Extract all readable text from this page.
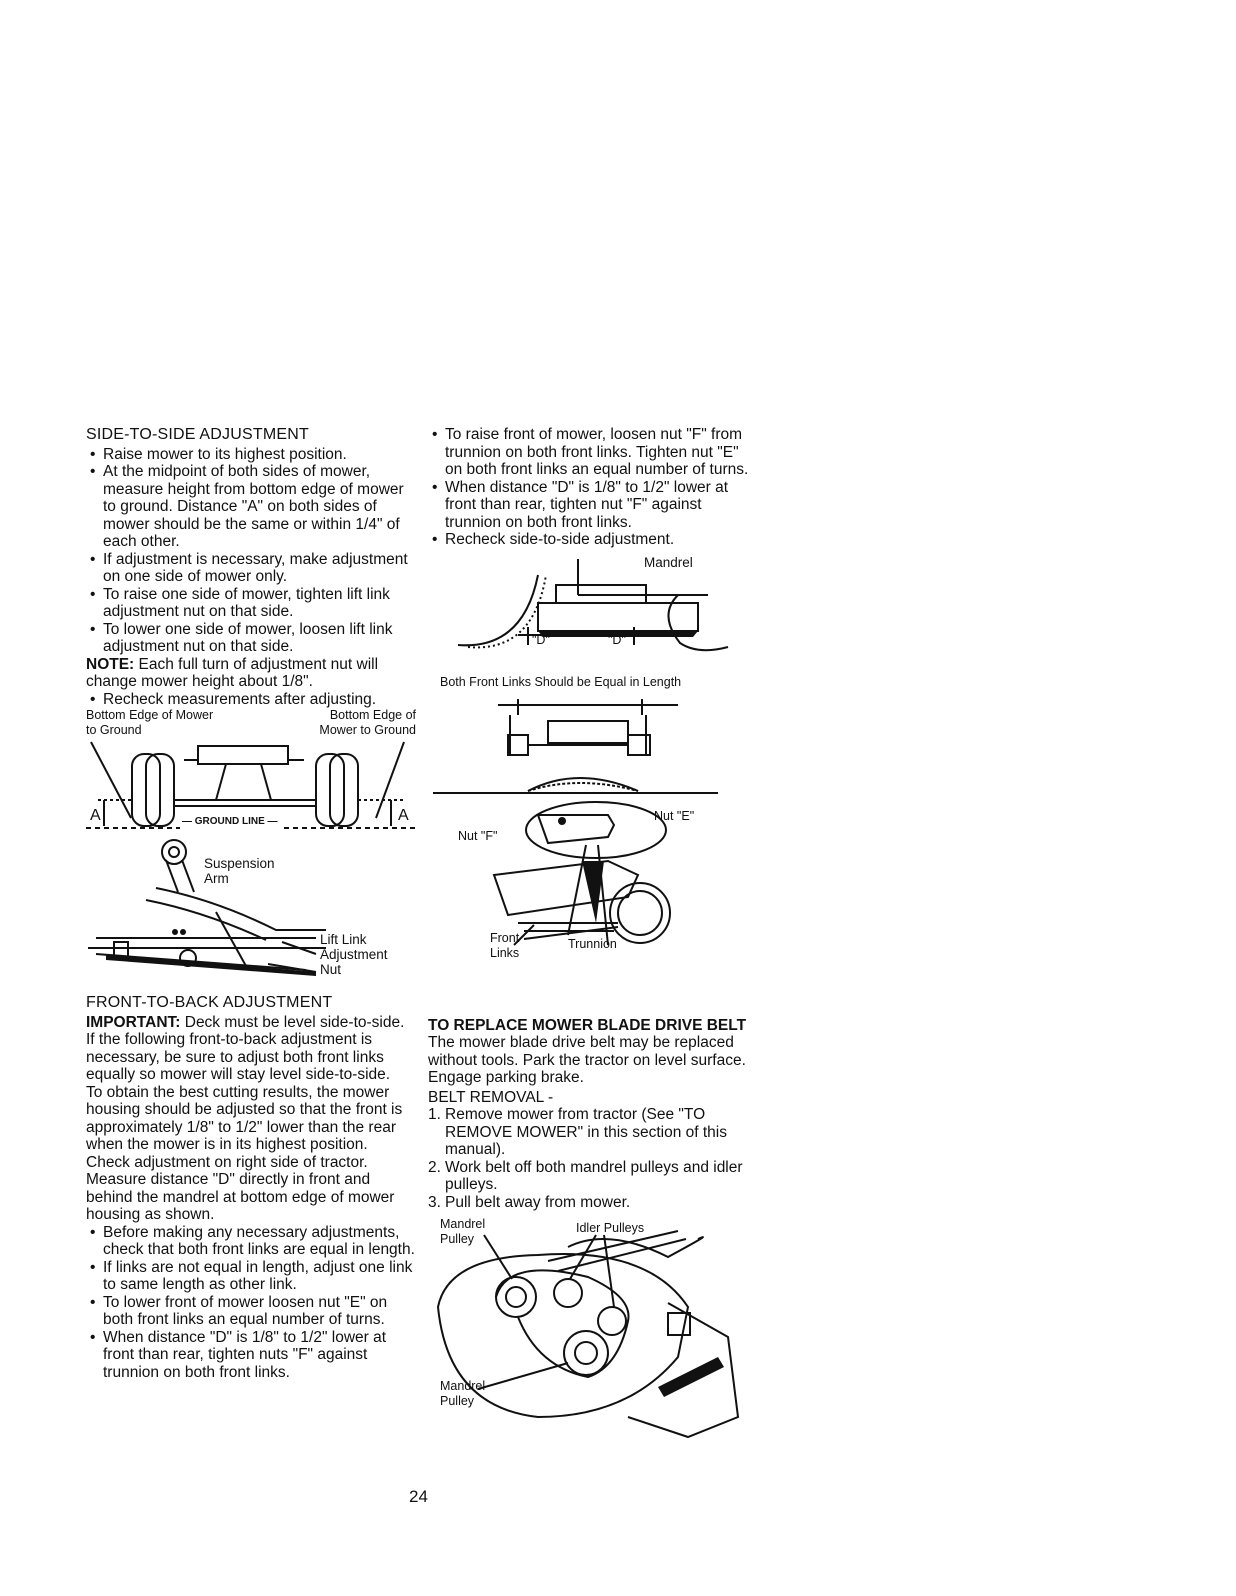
SIDE-TO-SIDE ADJUSTMENT
• Raise mower to its highest position.
• At the midpoint of both sides of mower, measure height from bottom edge of mower to ground. Distance "A" on both sides of mower should be the same or within 1/4" of each other.
• If adjustment is necessary, make adjustment on one side of mower only.
• To raise one side of mower, tighten lift link adjustment nut on that side.
• To lower one side of mower, loosen lift link adjustment nut on that side.

NOTE: Each full turn of adjustment nut will change mower height about 1/8".

• Recheck measurements after adjusting.
Bottom Edge of Mower to Ground
Bottom Edge of Mower to Ground
A	A
— GROUND LINE —
Suspension Arm
Lift Link Adjustment Nut
FRONT-TO-BACK ADJUSTMENT

IMPORTANT: Deck must be level side-to-side. If the following front-to-back adjustment is necessary, be sure to adjust both front links equally so mower will stay level side-to-side.

To obtain the best cutting results, the mower housing should be adjusted so that the front is approximately 1/8" to 1/2" lower than the rear when the mower is in its highest position.

Check adjustment on right side of tractor. Measure distance "D" directly in front and behind the mandrel at bottom edge of mower housing as shown.

• Before making any necessary adjustments, check that both front links are equal in length.
• If links are not equal in length, adjust one link to same length as other link.
• To lower front of mower loosen nut "E" on both front links an equal number of turns.
• When distance "D" is 1/8" to 1/2" lower at front than rear, tighten nuts "F" against trunnion on both front links.
• To raise front of mower, loosen nut "F" from trunnion on both front links. Tighten nut "E" on both front links an equal number of turns.
• When distance "D" is 1/8" to 1/2" lower at front than rear, tighten nut "F" against trunnion on both front links.
• Recheck side-to-side adjustment.
Mandrel
"D"	"D"
Both Front Links Should be Equal in Length
Nut "E"
Nut "F"
Front Links
Trunnion
TO REPLACE MOWER BLADE DRIVE BELT

The mower blade drive belt may be replaced without tools. Park the tractor on level surface. Engage parking brake.

BELT REMOVAL -

1. Remove mower from tractor (See "TO REMOVE MOWER" in this section of this manual).
2. Work belt off both mandrel pulleys and idler pulleys.
3. Pull belt away from mower.
Mandrel Pulley
Idler Pulleys
Mandrel Pulley
24
